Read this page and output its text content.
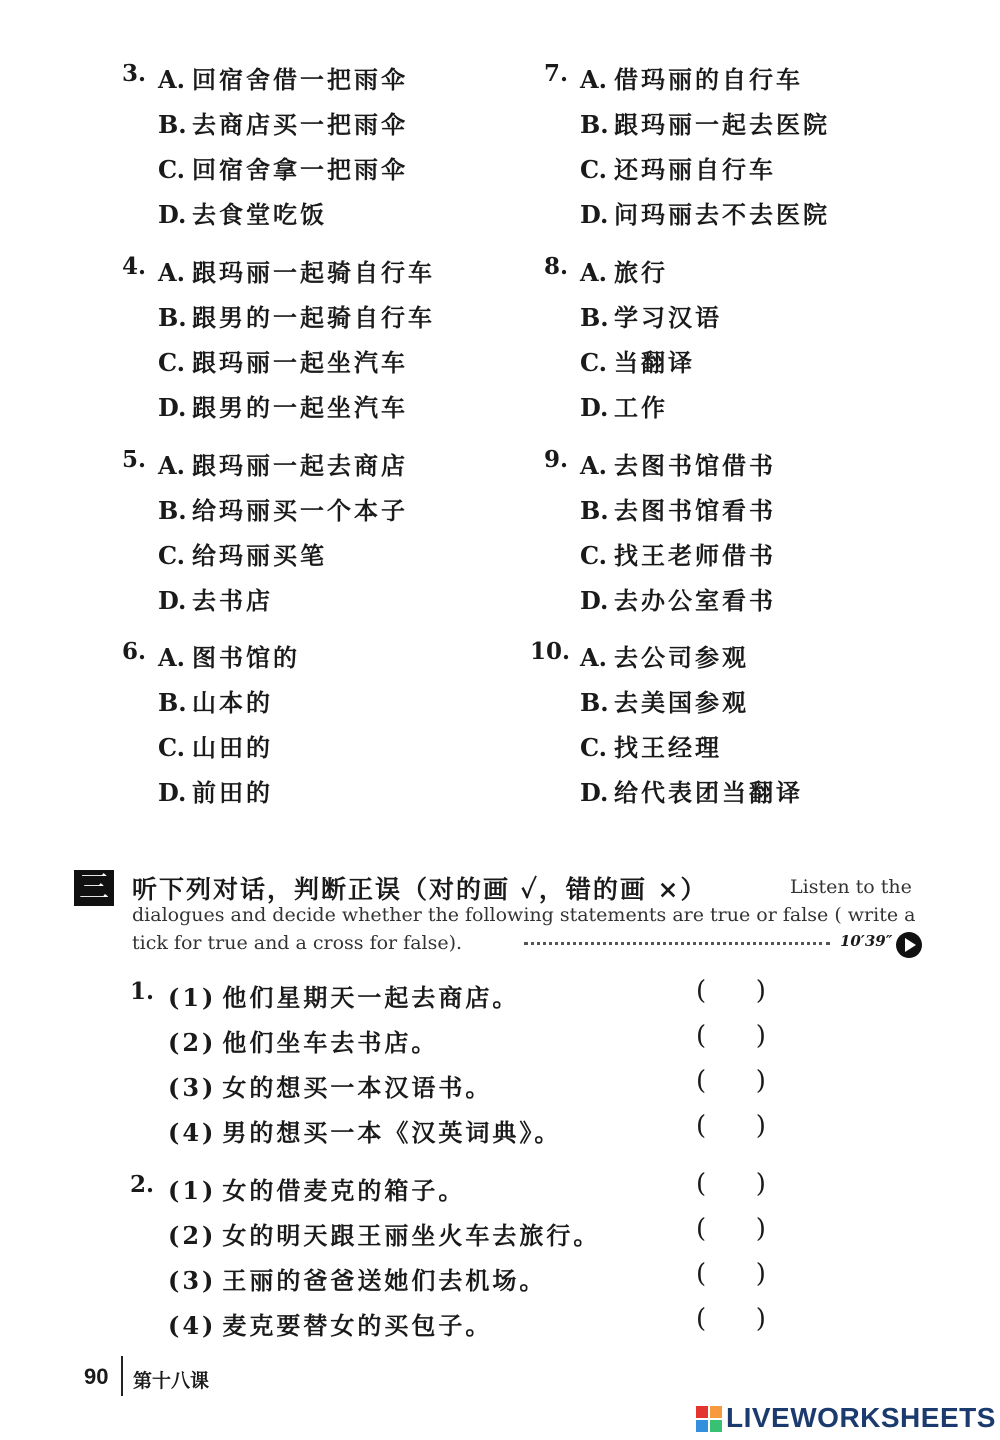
3. A. 回宿舍借一把雨伞
B. 去商店买一把雨伞
C. 回宿舍拿一把雨伞
D. 去食堂吃饭
4. A. 跟玛丽一起骑自行车
B. 跟男的一起骑自行车
C. 跟玛丽一起坐汽车
D. 跟男的一起坐汽车
5. A. 跟玛丽一起去商店
B. 给玛丽买一个本子
C. 给玛丽买笔
D. 去书店
6. A. 图书馆的
B. 山本的
C. 山田的
D. 前田的
7. A. 借玛丽的自行车
B. 跟玛丽一起去医院
C. 还玛丽自行车
D. 问玛丽去不去医院
8. A. 旅行
B. 学习汉语
C. 当翻译
D. 工作
9. A. 去图书馆借书
B. 去图书馆看书
C. 找王老师借书
D. 去办公室看书
10. A. 去公司参观
B. 去美国参观
C. 找王经理
D. 给代表团当翻译
三 听下列对话，判断正误（对的画 ✓，错的画 ×）	Listen to the
dialogues and decide whether the following statements are true or false ( write a
tick for true and a cross for false).	10′39″
1. (1) 他们星期天一起去商店。	(      )
(2) 他们坐车去书店。	(      )
(3) 女的想买一本汉语书。	(      )
(4) 男的想买一本《汉英词典》。	(      )
2. (1) 女的借麦克的箱子。	(      )
(2) 女的明天跟王丽坐火车去旅行。	(      )
(3) 王丽的爸爸送她们去机场。	(      )
(4) 麦克要替女的买包子。	(      )
90 第十八课
LIVEWORKSHEETS
